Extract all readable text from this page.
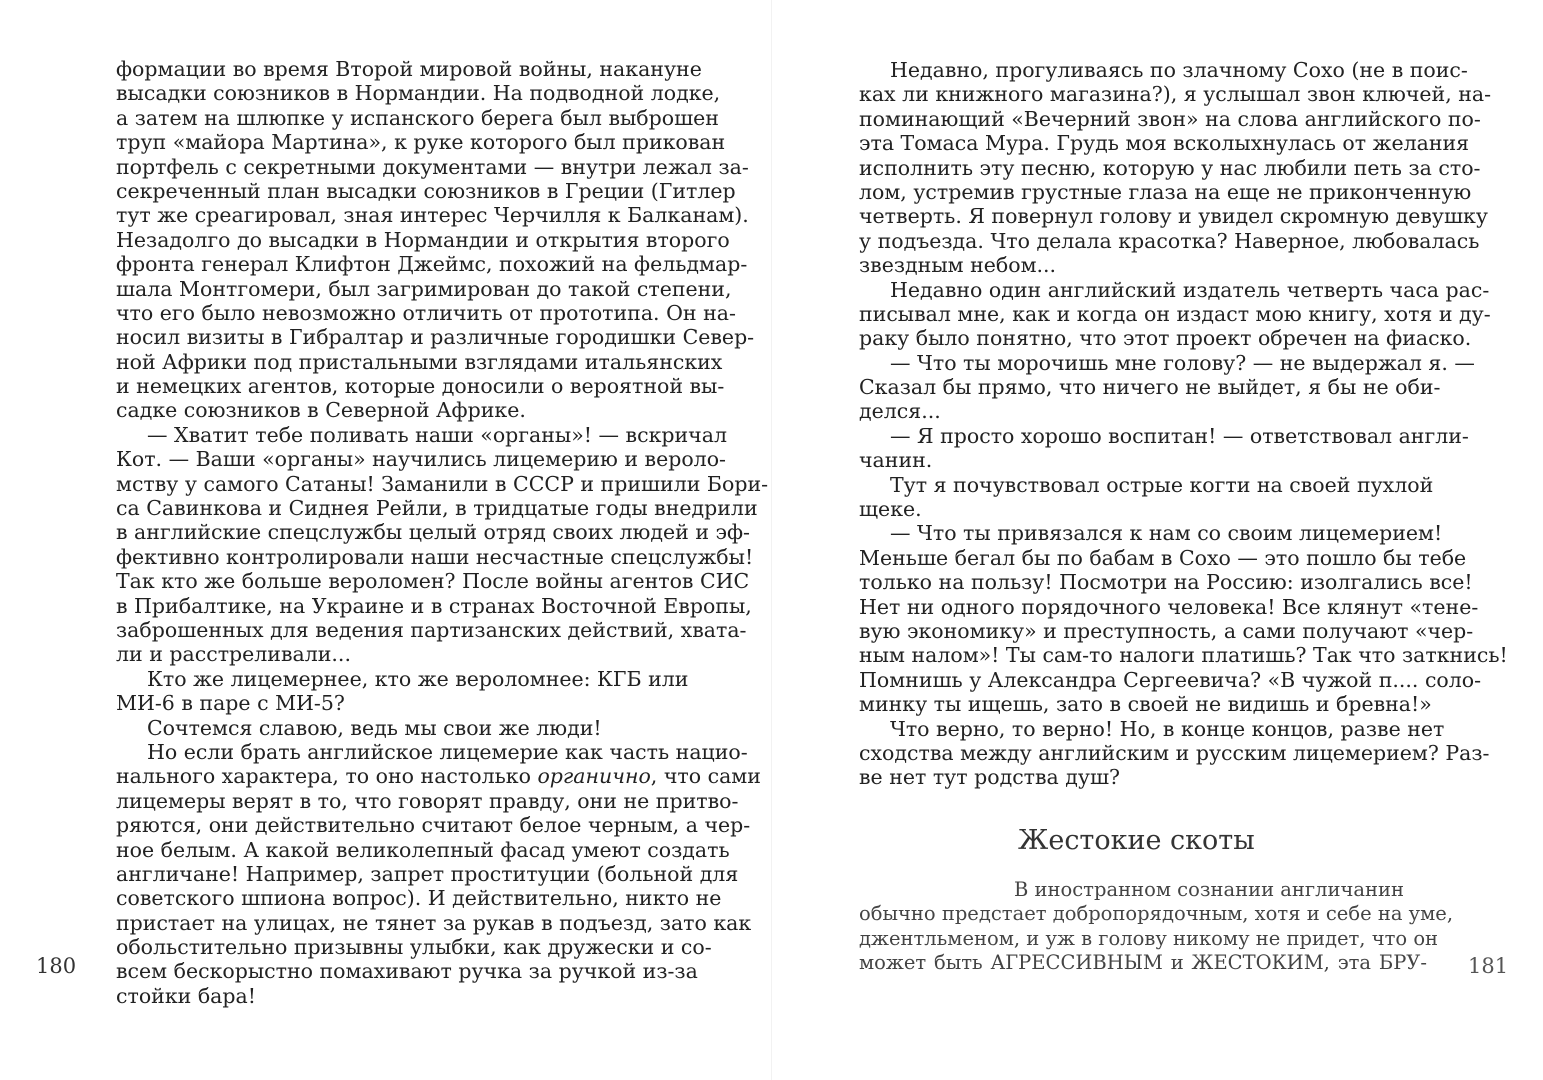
формации во время Второй мировой войны, накануне
высадки союзников в Нормандии. На подводной лодке,
а затем на шлюпке у испанского берега был выброшен
труп «майора Мартина», к руке которого был прикован
портфель с секретными документами — внутри лежал за-
секреченный план высадки союзников в Греции (Гитлер
тут же среагировал, зная интерес Черчилля к Балканам).
Незадолго до высадки в Нормандии и открытия второго
фронта генерал Клифтон Джеймс, похожий на фельдмар-
шала Монтгомери, был загримирован до такой степени,
что его было невозможно отличить от прототипа. Он на-
носил визиты в Гибралтар и различные городишки Север-
ной Африки под пристальными взглядами итальянских
и немецких агентов, которые доносили о вероятной вы-
садке союзников в Северной Африке.
— Хватит тебе поливать наши «органы»! — вскричал
Кот. — Ваши «органы» научились лицемерию и вероло-
мству у самого Сатаны! Заманили в СССР и пришили Бори-
са Савинкова и Сиднея Рейли, в тридцатые годы внедрили
в английские спецслужбы целый отряд своих людей и эф-
фективно контролировали наши несчастные спецслужбы!
Так кто же больше вероломен? После войны агентов СИС
в Прибалтике, на Украине и в странах Восточной Европы,
заброшенных для ведения партизанских действий, хвата-
ли и расстреливали...
Кто же лицемернее, кто же вероломнее: КГБ или
МИ-6 в паре с МИ-5?
Сочтемся славою, ведь мы свои же люди!
Но если брать английское лицемерие как часть нацио-
нального характера, то оно настолько органично, что сами
лицемеры верят в то, что говорят правду, они не притво-
ряются, они действительно считают белое черным, а чер-
ное белым. А какой великолепный фасад умеют создать
англичане! Например, запрет проституции (больной для
советского шпиона вопрос). И действительно, никто не
пристает на улицах, не тянет за рукав в подъезд, зато как
обольстительно призывны улыбки, как дружески и со-
всем бескорыстно помахивают ручка за ручкой из-за
стойки бара!
180
Недавно, прогуливаясь по злачному Сохо (не в поис-
ках ли книжного магазина?), я услышал звон ключей, на-
поминающий «Вечерний звон» на слова английского по-
эта Томаса Мура. Грудь моя всколыхнулась от желания
исполнить эту песню, которую у нас любили петь за сто-
лом, устремив грустные глаза на еще не приконченную
четверть. Я повернул голову и увидел скромную девушку
у подъезда. Что делала красотка? Наверное, любовалась
звездным небом...
Недавно один английский издатель четверть часа рас-
писывал мне, как и когда он издаст мою книгу, хотя и ду-
раку было понятно, что этот проект обречен на фиаско.
— Что ты морочишь мне голову? — не выдержал я. —
Сказал бы прямо, что ничего не выйдет, я бы не оби-
делся...
— Я просто хорошо воспитан! — ответствовал англи-
чанин.
Тут я почувствовал острые когти на своей пухлой
щеке.
— Что ты привязался к нам со своим лицемерием!
Меньше бегал бы по бабам в Сохо — это пошло бы тебе
только на пользу! Посмотри на Россию: изолгались все!
Нет ни одного порядочного человека! Все клянут «тене-
вую экономику» и преступность, а сами получают «чер-
ным налом»! Ты сам-то налоги платишь? Так что заткнись!
Помнишь у Александра Сергеевича? «В чужой п.... соло-
минку ты ищешь, зато в своей не видишь и бревна!»
Что верно, то верно! Но, в конце концов, разве нет
сходства между английским и русским лицемерием? Раз-
ве нет тут родства душ?
Жестокие скоты
В иностранном сознании англичанин
обычно предстает добропорядочным, хотя и себе на уме,
джентльменом, и уж в голову никому не придет, что он
может быть АГРЕССИВНЫМ и ЖЕСТОКИМ, эта БРУ- 181
